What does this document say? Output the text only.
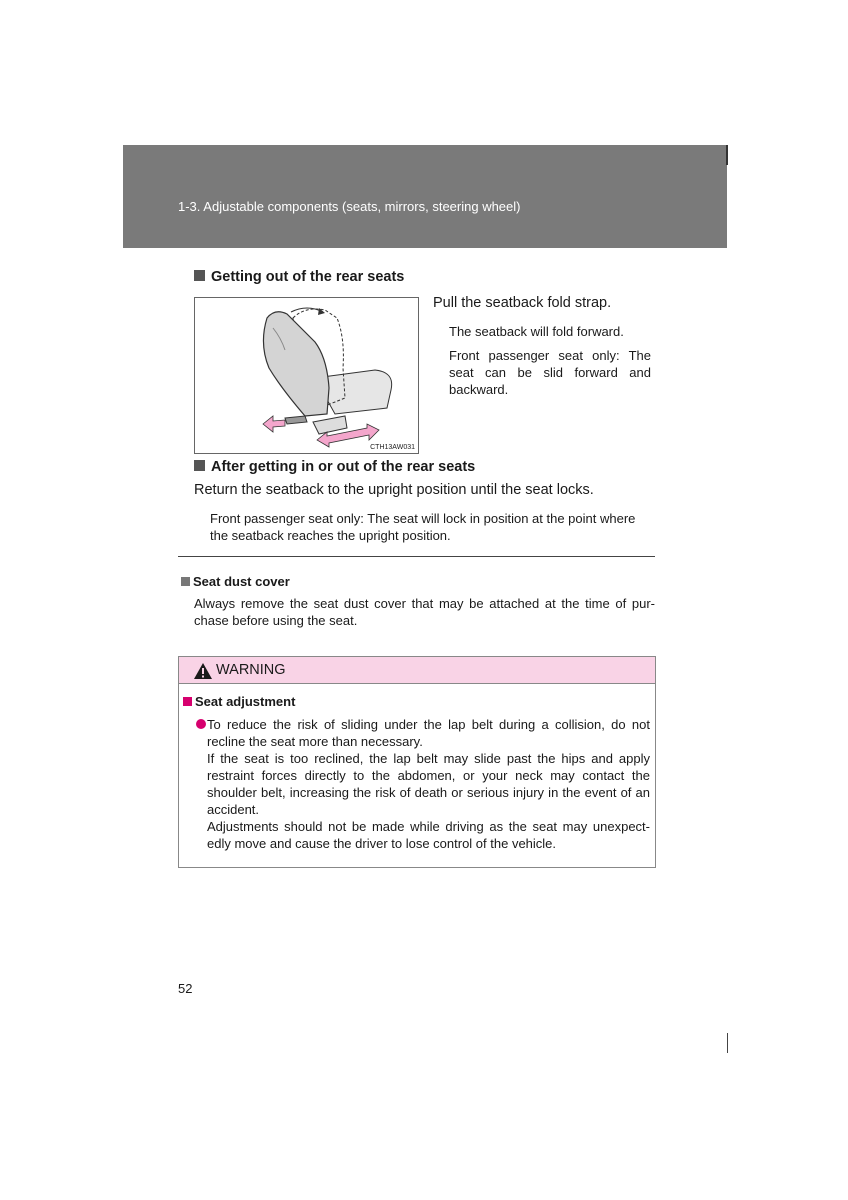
1-3. Adjustable components (seats, mirrors, steering wheel)
Getting out of the rear seats
CTH13AW031
Pull the seatback fold strap.
The seatback will fold forward.
Front passenger seat only: The seat can be slid forward and backward.
After getting in or out of the rear seats
Return the seatback to the upright position until the seat locks.
Front passenger seat only: The seat will lock in position at the point where the seatback reaches the upright position.
Seat dust cover
Always remove the seat dust cover that may be attached at the time of pur-chase before using the seat.
WARNING
Seat adjustment
To reduce the risk of sliding under the lap belt during a collision, do not recline the seat more than necessary.
If the seat is too reclined, the lap belt may slide past the hips and apply restraint forces directly to the abdomen, or your neck may contact the shoulder belt, increasing the risk of death or serious injury in the event of an accident.
Adjustments should not be made while driving as the seat may unexpect-edly move and cause the driver to lose control of the vehicle.
52
